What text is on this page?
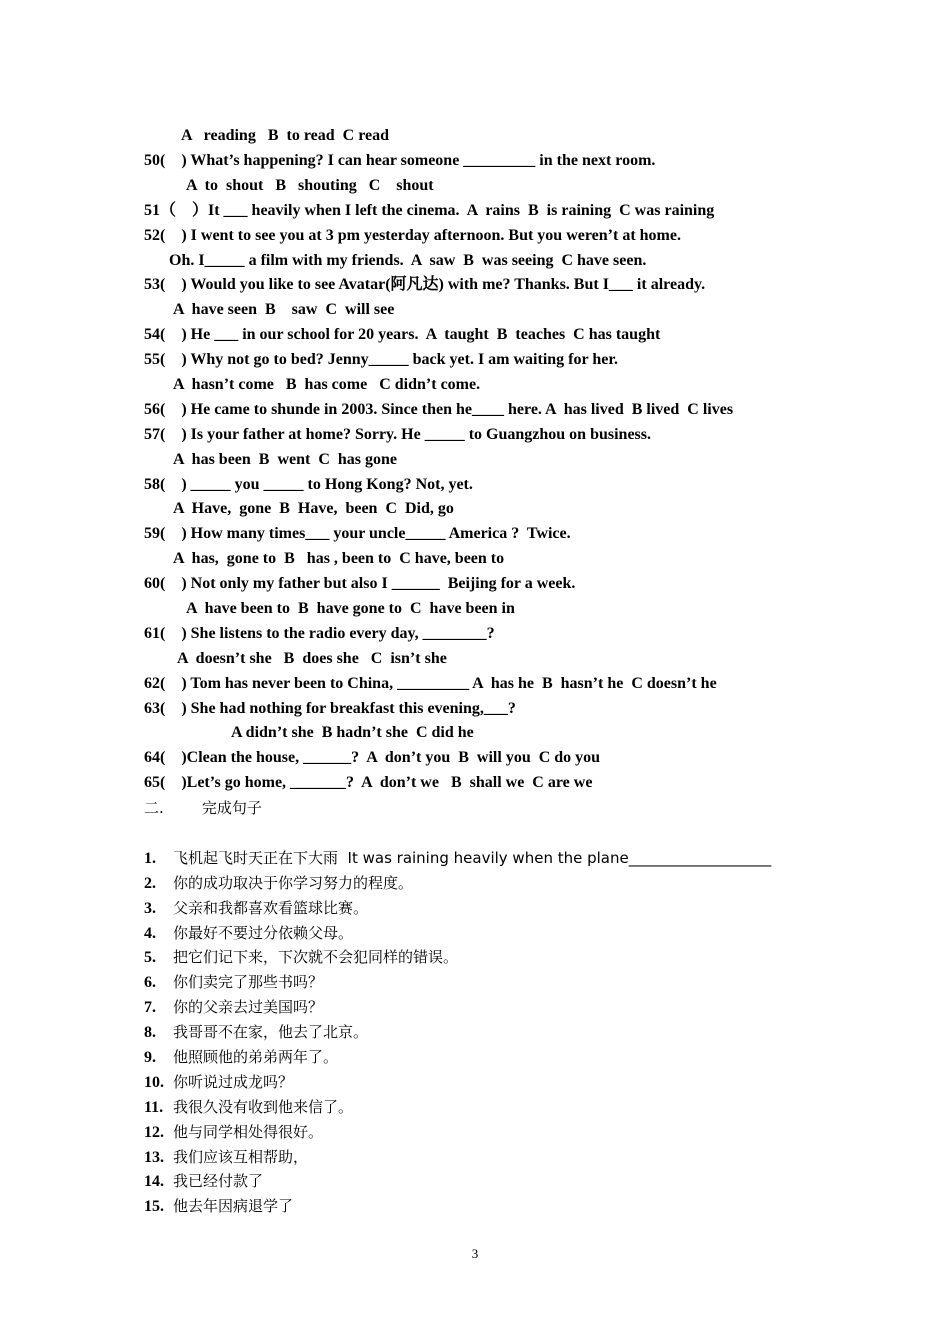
A   reading   B  to read  C read
50(    ) What’s happening? I can hear someone _________ in the next room.
A  to  shout   B   shouting   C    shout
51（    ）It ___ heavily when I left the cinema.  A  rains  B  is raining  C was raining
52(    ) I went to see you at 3 pm yesterday afternoon. But you weren’t at home.
Oh. I_____ a film with my friends.  A  saw  B  was seeing  C have seen.
53(    ) Would you like to see Avatar(阿凡达) with me? Thanks. But I___ it already.
A  have seen  B    saw  C  will see
54(    ) He ___ in our school for 20 years.  A  taught  B  teaches  C has taught
55(    ) Why not go to bed? Jenny_____ back yet. I am waiting for her.
A  hasn’t come   B  has come   C didn’t come.
56(    ) He came to shunde in 2003. Since then he____ here. A  has lived  B lived  C lives
57(    ) Is your father at home? Sorry. He _____ to Guangzhou on business.
A  has been  B  went  C  has gone
58(    ) _____ you _____ to Hong Kong? Not, yet.
A  Have,  gone  B  Have,  been  C  Did, go
59(    ) How many times___ your uncle_____ America ?  Twice.
A  has,  gone to  B   has , been to  C have, been to
60(    ) Not only my father but also I ______  Beijing for a week.
A  have been to  B  have gone to  C  have been in
61(    ) She listens to the radio every day, ________?
A  doesn’t she   B  does she   C  isn’t she
62(    ) Tom has never been to China, _________ A  has he  B  hasn’t he  C doesn’t he
63(    ) She had nothing for breakfast this evening,___?
A didn’t she  B hadn’t she  C did he
64(    )Clean the house, ______?  A  don’t you  B  will you  C do you
65(    )Let’s go home, _______?  A  don’t we   B  shall we  C are we
二.        完成句子
1. 飞机起飞时天正在下大雨  It was raining heavily when the plane___________________
2. 你的成功取决于你学习努力的程度。
3. 父亲和我都喜欢看篮球比赛。
4. 你最好不要过分依赖父母。
5. 把它们记下来，下次就不会犯同样的错误。
6. 你们卖完了那些书吗？
7. 你的父亲去过美国吗？
8. 我哥哥不在家，他去了北京。
9. 他照顾他的弟弟两年了。
10. 你听说过成龙吗？
11. 我很久没有收到他来信了。
12. 他与同学相处得很好。
13. 我们应该互相帮助，
14. 我已经付款了
15. 他去年因病退学了
3
